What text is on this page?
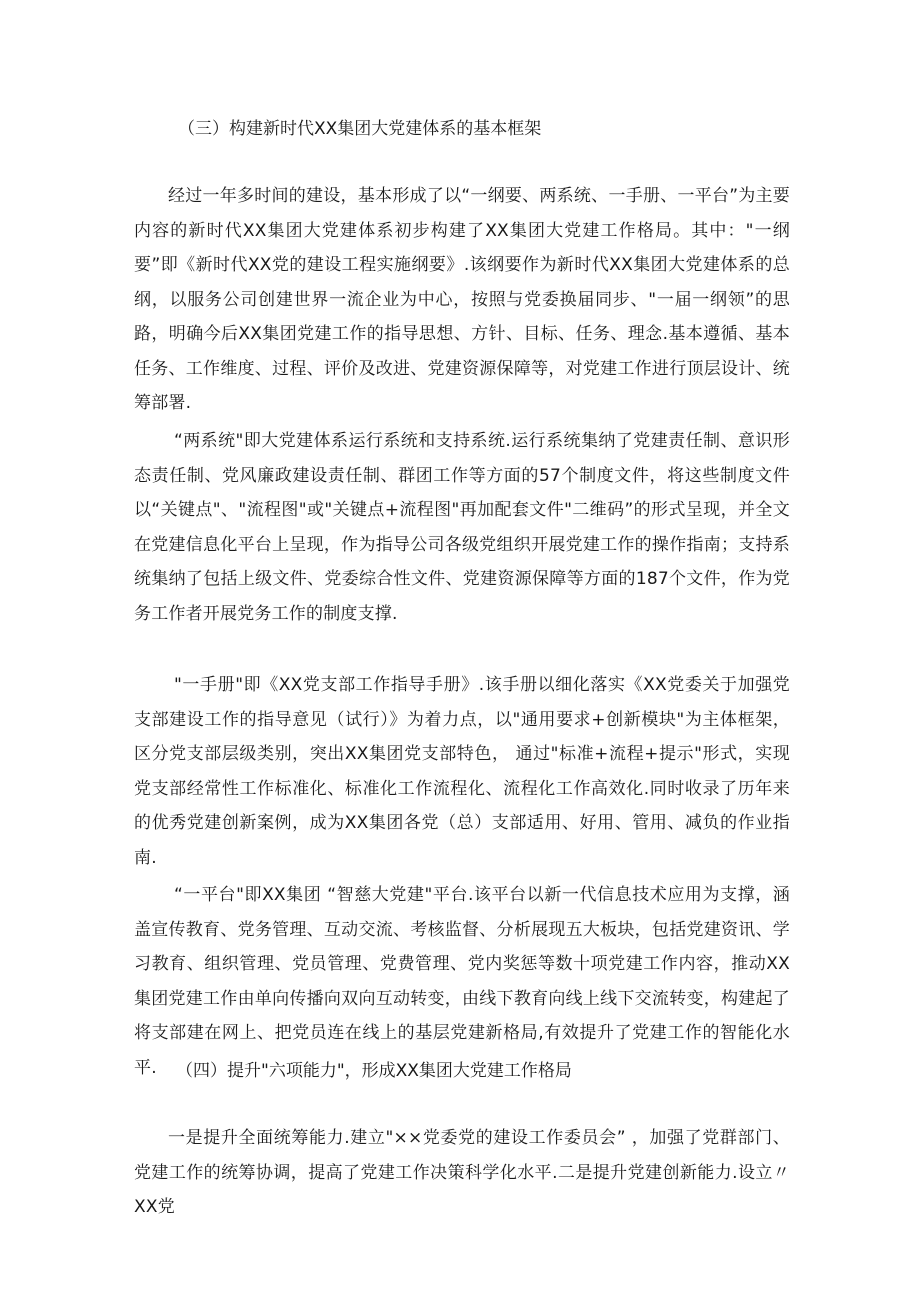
（三）构建新时代XX集团大党建体系的基本框架

经过一年多时间的建设，基本形成了以“一纲要、两系统、一手册、一平台”为主要内容的新时代XX集团大党建体系初步构建了XX集团大党建工作格局。其中："一纲要”即《新时代XX党的建设工程实施纲要》.该纲要作为新时代XX集团大党建体系的总纲，以服务公司创建世界一流企业为中心，按照与党委换届同步、"一届一纲领”的思路，明确今后XX集团党建工作的指导思想、方针、目标、任务、理念.基本遵循、基本任务、工作维度、过程、评价及改进、党建资源保障等，对党建工作进行顶层设计、统筹部署.

“两系统"即大党建体系运行系统和支持系统.运行系统集纳了党建责任制、意识形态责任制、党风廉政建设责任制、群团工作等方面的57个制度文件，将这些制度文件以“关键点"、"流程图"或"关键点+流程图"再加配套文件"二维码”的形式呈现，并全文在党建信息化平台上呈现，作为指导公司各级党组织开展党建工作的操作指南；支持系统集纳了包括上级文件、党委综合性文件、党建资源保障等方面的187个文件，作为党务工作者开展党务工作的制度支撑.

"一手册"即《XX党支部工作指导手册》.该手册以细化落实《XX党委关于加强党支部建设工作的指导意见（试行）》为着力点，以"通用要求+创新模块"为主体框架， 区分党支部层级类别，突出XX集团党支部特色， 通过"标准+流程+提示"形式，实现党支部经常性工作标准化、标准化工作流程化、流程化工作高效化.同时收录了历年来的优秀党建创新案例，成为XX集团各党（总）支部适用、好用、管用、减负的作业指南.

“一平台"即XX集团 “智慈大党建"平台.该平台以新一代信息技术应用为支撑，涵盖宣传教育、党务管理、互动交流、考核监督、分析展现五大板块，包括党建资讯、学习教育、组织管理、党员管理、党费管理、党内奖惩等数十项党建工作内容，推动XX集团党建工作由单向传播向双向互动转变，由线下教育向线上线下交流转变，构建起了将支部建在网上、把党员连在线上的基层党建新格局,有效提升了党建工作的智能化水平.	（四）提升"六项能力"，形成XX集团大党建工作格局

一是提升全面统筹能力.建立"××党委党的建设工作委员会” ，加强了党群部门、党建工作的统筹协调，提高了党建工作决策科学化水平.二是提升党建创新能力.设立〃XX党
